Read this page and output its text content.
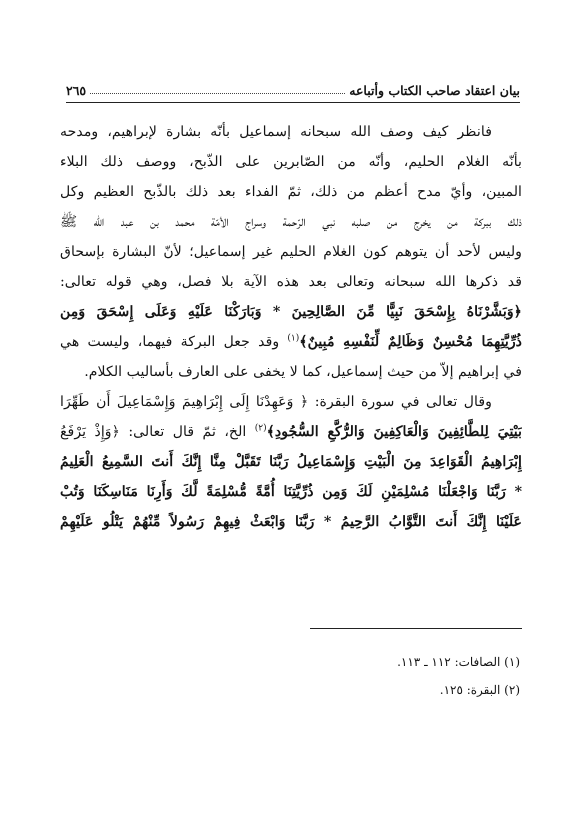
بيان اعتقاد صاحب الكتاب وأتباعه
٢٦٥
فانظر كيف وصف الله سبحانه إسماعيل بأنّه بشارة لإبراهيم، ومدحه
بأنّه الغلام الحليم، وأنّه من الصّابرين على الذّبح، ووصف ذلك البلاء
المبين، وأيّ مدح أعظم من ذلك، ثمّ الفداء بعد ذلك بالذّبح العظيم وكل
ذلك ببركة من يخرج من صلبه نبي الرّحمة وسراج الأمّة محمد بن عبد الله ﷺ
وليس لأحد أن يتوهم كون الغلام الحليم غير إسماعيل؛ لأنّ البشارة بإسحاق
قد ذكرها الله سبحانه وتعالى بعد هذه الآية بلا فصل، وهي قوله تعالى:
﴿وَبَشَّرْنَاهُ بِإِسْحَقَ نَبِيًّا مِّنَ الصَّالِحِينَ * وَبَارَكْنَا عَلَيْهِ وَعَلَى إِسْحَقَ وَمِن
ذُرِّيَّتِهِمَا مُحْسِنٌ وَظَالِمٌ لِّنَفْسِهِ مُبِينٌ﴾$^{(١)}$ وقد جعل البركة فيهما، وليست هي
في إبراهيم إلاّ من حيث إسماعيل، كما لا يخفى على العارف بأساليب الكلام.
وقال تعالى في سورة البقرة: ﴿ وَعَهِدْنَا إِلَى إِبْرَاهِيمَ وَإِسْمَاعِيلَ أَن طَهِّرَا
بَيْتِيَ لِلطَّائِفِينَ وَالْعَاكِفِينَ وَالرُّكَّعِ السُّجُودِ﴾$^{(٢)}$ الخ، ثمّ قال تعالى: ﴿وَإِذْ يَرْفَعُ
إِبْرَاهِيمُ الْقَوَاعِدَ مِنَ الْبَيْتِ وَإِسْمَاعِيلُ رَبَّنَا تَقَبَّلْ مِنَّا إِنَّكَ أَنتَ السَّمِيعُ الْعَلِيمُ
* رَبَّنَا وَاجْعَلْنَا مُسْلِمَيْنِ لَكَ وَمِن ذُرِّيَّتِنَا أُمَّةً مُّسْلِمَةً لَّكَ وَأَرِنَا مَنَاسِكَنَا وَتُبْ
عَلَيْنَا إِنَّكَ أَنتَ التَّوَّابُ الرَّحِيمُ * رَبَّنَا وَابْعَثْ فِيهِمْ رَسُولاً مِّنْهُمْ يَتْلُو عَلَيْهِمْ
(١) الصافات: ١١٢ ـ ١١٣.
(٢) البقرة: ١٢٥.
